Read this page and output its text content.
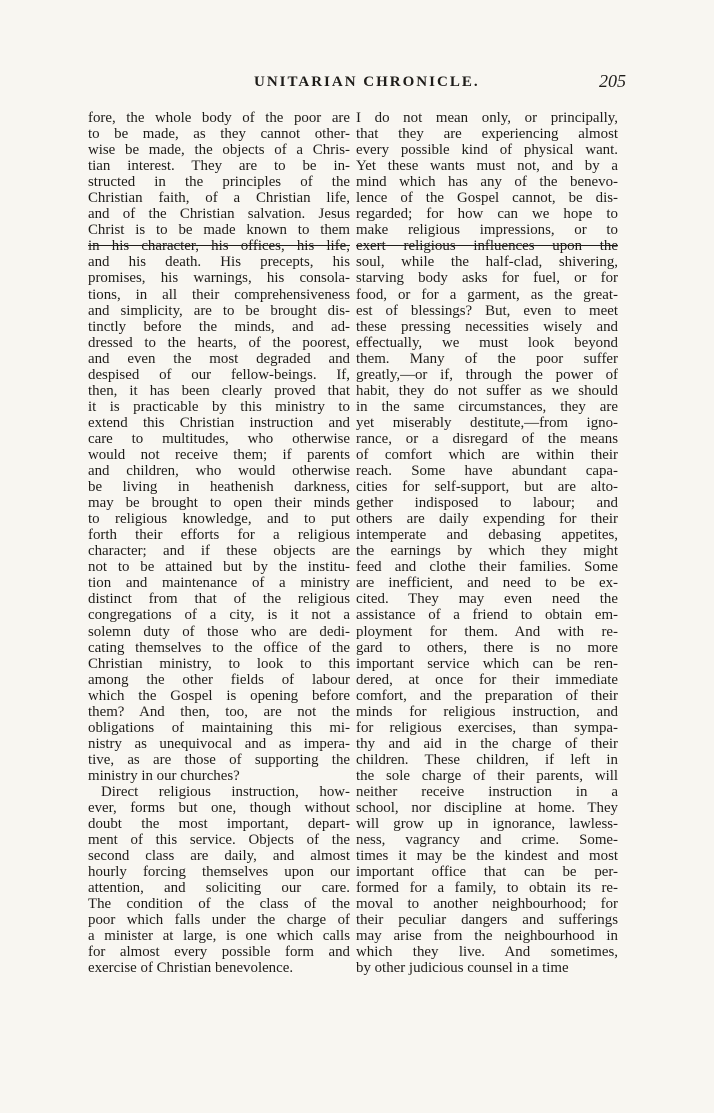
UNITARIAN CHRONICLE.	205
fore, the whole body of the poor are
to be made, as they cannot other-
wise be made, the objects of a Chris-
tian interest. They are to be in-
structed in the principles of the
Christian faith, of a Christian life,
and of the Christian salvation. Jesus
Christ is to be made known to them
in his character, his offices, his life,
and his death. His precepts, his
promises, his warnings, his consola-
tions, in all their comprehensiveness
and simplicity, are to be brought dis-
tinctly before the minds, and ad-
dressed to the hearts, of the poorest,
and even the most degraded and
despised of our fellow-beings. If,
then, it has been clearly proved that
it is practicable by this ministry to
extend this Christian instruction and
care to multitudes, who otherwise
would not receive them; if parents
and children, who would otherwise
be living in heathenish darkness,
may be brought to open their minds
to religious knowledge, and to put
forth their efforts for a religious
character; and if these objects are
not to be attained but by the institu-
tion and maintenance of a ministry
distinct from that of the religious
congregations of a city, is it not a
solemn duty of those who are dedi-
cating themselves to the office of the
Christian ministry, to look to this
among the other fields of labour
which the Gospel is opening before
them? And then, too, are not the
obligations of maintaining this mi-
nistry as unequivocal and as impera-
tive, as are those of supporting the
ministry in our churches?
Direct religious instruction, how-
ever, forms but one, though without
doubt the most important, depart-
ment of this service. Objects of the
second class are daily, and almost
hourly forcing themselves upon our
attention, and soliciting our care.
The condition of the class of the
poor which falls under the charge of
a minister at large, is one which calls
for almost every possible form and
exercise of Christian benevolence.
I do not mean only, or principally,
that they are experiencing almost
every possible kind of physical want.
Yet these wants must not, and by a
mind which has any of the benevo-
lence of the Gospel cannot, be dis-
regarded; for how can we hope to
make religious impressions, or to
exert religious influences upon the
soul, while the half-clad, shivering,
starving body asks for fuel, or for
food, or for a garment, as the great-
est of blessings? But, even to meet
these pressing necessities wisely and
effectually, we must look beyond
them. Many of the poor suffer
greatly,—or if, through the power of
habit, they do not suffer as we should
in the same circumstances, they are
yet miserably destitute,—from igno-
rance, or a disregard of the means
of comfort which are within their
reach. Some have abundant capa-
cities for self-support, but are alto-
gether indisposed to labour; and
others are daily expending for their
intemperate and debasing appetites,
the earnings by which they might
feed and clothe their families. Some
are inefficient, and need to be ex-
cited. They may even need the
assistance of a friend to obtain em-
ployment for them. And with re-
gard to others, there is no more
important service which can be ren-
dered, at once for their immediate
comfort, and the preparation of their
minds for religious instruction, and
for religious exercises, than sympa-
thy and aid in the charge of their
children. These children, if left in
the sole charge of their parents, will
neither receive instruction in a
school, nor discipline at home. They
will grow up in ignorance, lawless-
ness, vagrancy and crime. Some-
times it may be the kindest and most
important office that can be per-
formed for a family, to obtain its re-
moval to another neighbourhood; for
their peculiar dangers and sufferings
may arise from the neighbourhood in
which they live. And sometimes,
by other judicious counsel in a time
